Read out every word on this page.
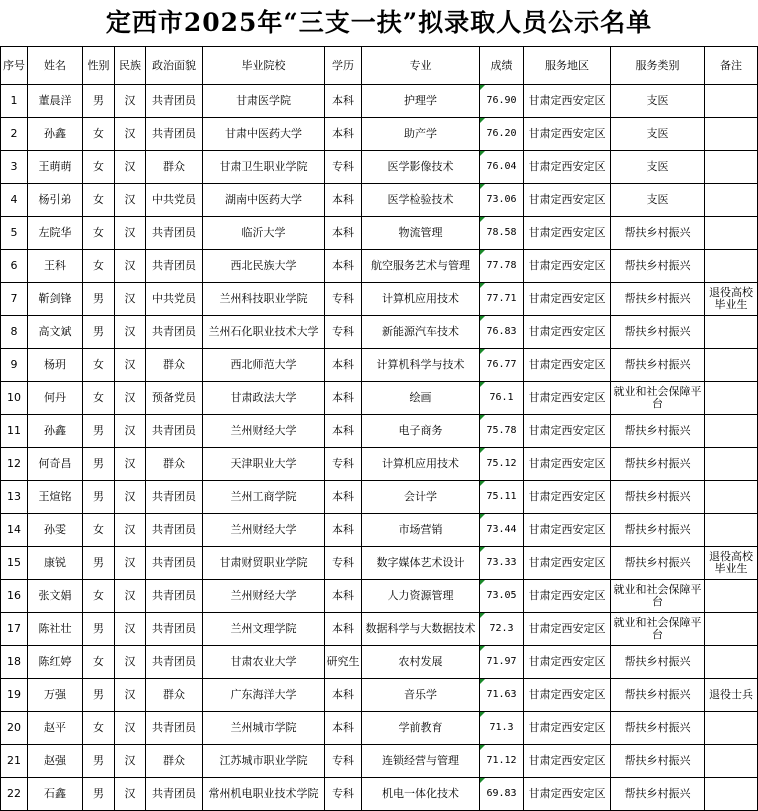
定西市2025年“三支一扶”拟录取人员公示名单
序号	姓名	性别	民族	政治面貌	毕业院校	学历	专业	成绩	服务地区	服务类别	备注
1	董晨洋	男	汉	共青团员	甘肃医学院	本科	护理学	76.90	甘肃定西安定区	支医	
2	孙鑫	女	汉	共青团员	甘肃中医药大学	本科	助产学	76.20	甘肃定西安定区	支医	
3	王萌萌	女	汉	群众	甘肃卫生职业学院	专科	医学影像技术	76.04	甘肃定西安定区	支医	
4	杨引弟	女	汉	中共党员	湖南中医药大学	本科	医学检验技术	73.06	甘肃定西安定区	支医	
5	左院华	女	汉	共青团员	临沂大学	本科	物流管理	78.58	甘肃定西安定区	帮扶乡村振兴	
6	王科	女	汉	共青团员	西北民族大学	本科	航空服务艺术与管理	77.78	甘肃定西安定区	帮扶乡村振兴	
7	靳剑锋	男	汉	中共党员	兰州科技职业学院	专科	计算机应用技术	77.71	甘肃定西安定区	帮扶乡村振兴	退役高校毕业生
8	高文斌	男	汉	共青团员	兰州石化职业技术大学	专科	新能源汽车技术	76.83	甘肃定西安定区	帮扶乡村振兴	
9	杨玥	女	汉	群众	西北师范大学	本科	计算机科学与技术	76.77	甘肃定西安定区	帮扶乡村振兴	
10	何丹	女	汉	预备党员	甘肃政法大学	本科	绘画	76.1	甘肃定西安定区	就业和社会保障平台	
11	孙鑫	男	汉	共青团员	兰州财经大学	本科	电子商务	75.78	甘肃定西安定区	帮扶乡村振兴	
12	何奇昌	男	汉	群众	天津职业大学	专科	计算机应用技术	75.12	甘肃定西安定区	帮扶乡村振兴	
13	王煊铭	男	汉	共青团员	兰州工商学院	本科	会计学	75.11	甘肃定西安定区	帮扶乡村振兴	
14	孙雯	女	汉	共青团员	兰州财经大学	本科	市场营销	73.44	甘肃定西安定区	帮扶乡村振兴	
15	康锐	男	汉	共青团员	甘肃财贸职业学院	专科	数字媒体艺术设计	73.33	甘肃定西安定区	帮扶乡村振兴	退役高校毕业生
16	张文娟	女	汉	共青团员	兰州财经大学	本科	人力资源管理	73.05	甘肃定西安定区	就业和社会保障平台	
17	陈社壮	男	汉	共青团员	兰州文理学院	本科	数据科学与大数据技术	72.3	甘肃定西安定区	就业和社会保障平台	
18	陈红婷	女	汉	共青团员	甘肃农业大学	研究生	农村发展	71.97	甘肃定西安定区	帮扶乡村振兴	
19	万强	男	汉	群众	广东海洋大学	本科	音乐学	71.63	甘肃定西安定区	帮扶乡村振兴	退役士兵
20	赵平	女	汉	共青团员	兰州城市学院	本科	学前教育	71.3	甘肃定西安定区	帮扶乡村振兴	
21	赵强	男	汉	群众	江苏城市职业学院	专科	连锁经营与管理	71.12	甘肃定西安定区	帮扶乡村振兴	
22	石鑫	男	汉	共青团员	常州机电职业技术学院	专科	机电一体化技术	69.83	甘肃定西安定区	帮扶乡村振兴	
